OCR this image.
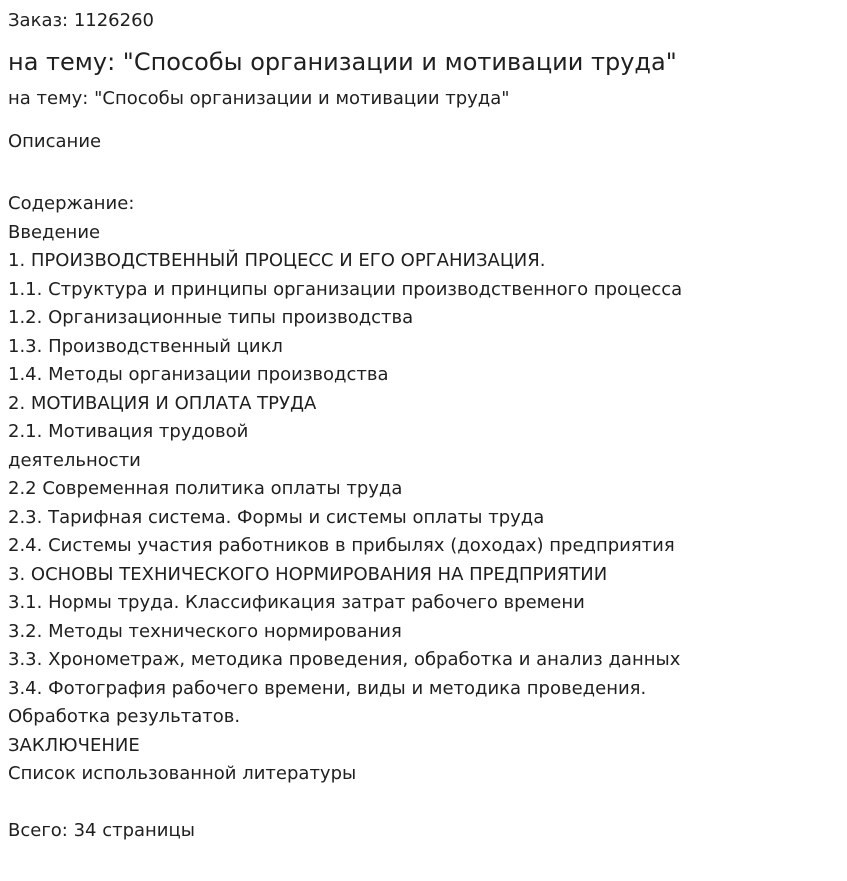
Заказ: 1126260
на тему: "Способы организации и мотивации труда"
на тему: "Способы организации и мотивации труда"
Описание
Содержание:
Введение
1. ПРОИЗВОДСТВЕННЫЙ ПРОЦЕСС И ЕГО ОРГАНИЗАЦИЯ.
1.1. Структура и принципы организации производственного процесса
1.2. Организационные типы производства
1.3. Производственный цикл
1.4. Методы организации производства
2. МОТИВАЦИЯ И ОПЛАТА ТРУДА
2.1. Мотивация трудовой
деятельности
2.2 Современная политика оплаты труда
2.3. Тарифная система. Формы и системы оплаты труда
2.4. Системы участия работников в прибылях (доходах) предприятия
3. ОСНОВЫ ТЕХНИЧЕСКОГО НОРМИРОВАНИЯ НА ПРЕДПРИЯТИИ
3.1. Нормы труда. Классификация затрат рабочего времени
3.2. Методы технического нормирования
3.3. Хронометраж, методика проведения, обработка и анализ данных
3.4. Фотография рабочего времени, виды и методика проведения.
Обработка результатов.
ЗАКЛЮЧЕНИЕ
Список использованной литературы
Всего: 34 страницы
